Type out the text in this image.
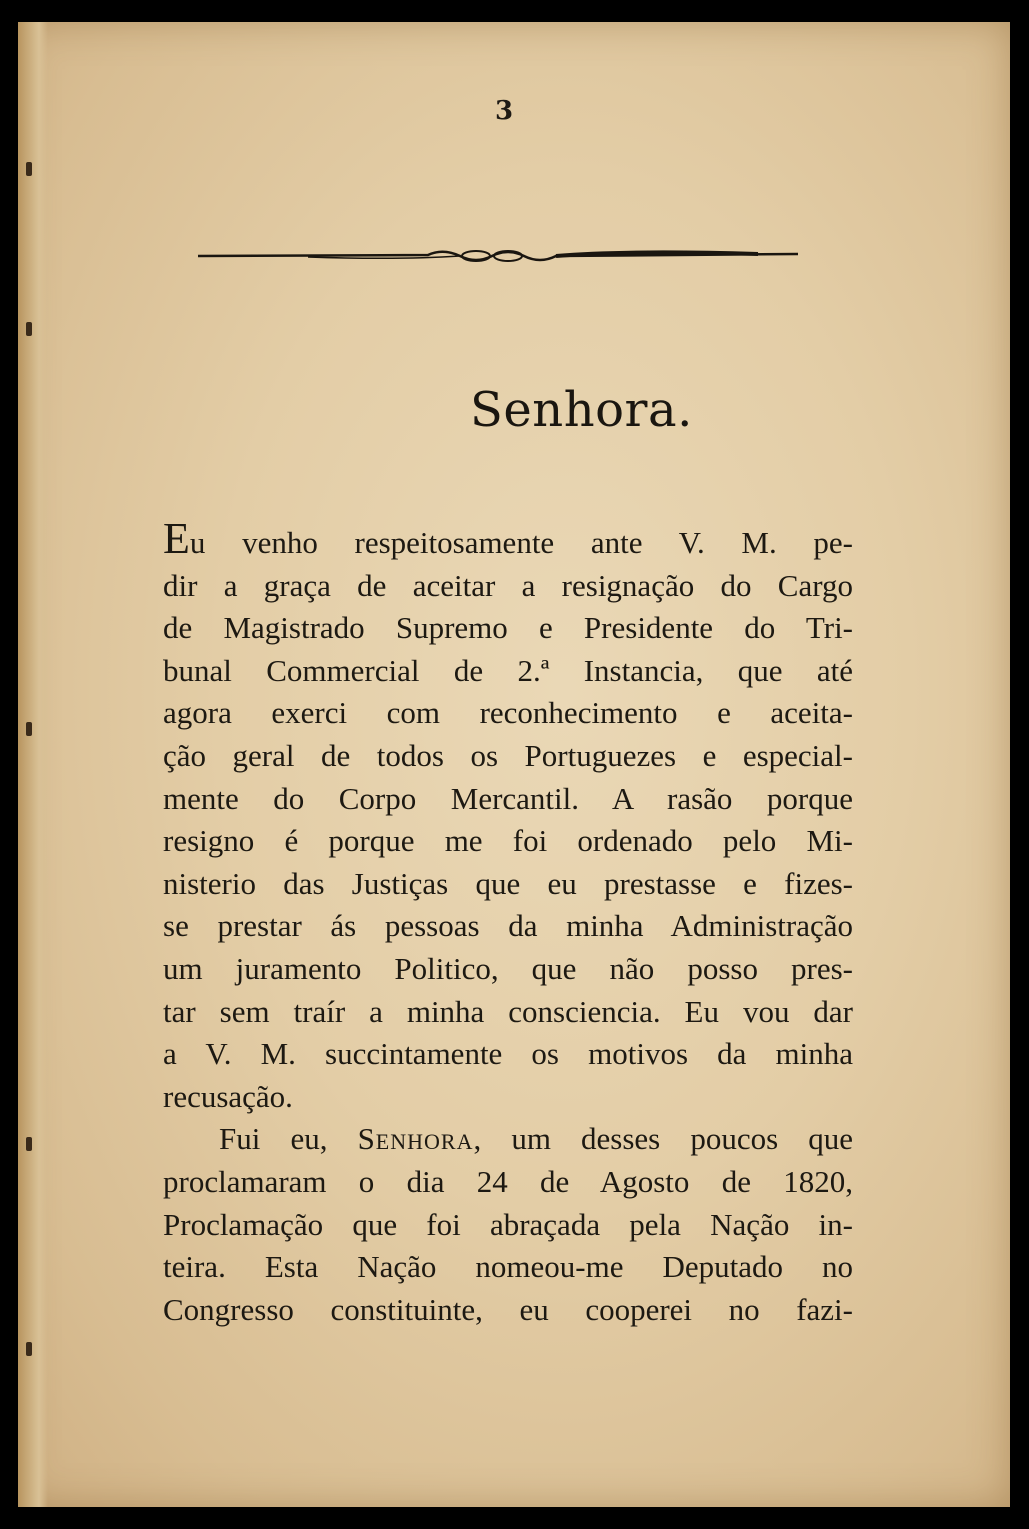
3
Senhora.
Eu venho respeitosamente ante V. M. pe-
dir a graça de aceitar a resignação do Cargo
de Magistrado Supremo e Presidente do Tri-
bunal Commercial de 2.ª Instancia, que até
agora exerci com reconhecimento e aceita-
ção geral de todos os Portuguezes e especial-
mente do Corpo Mercantil. A rasão porque
resigno é porque me foi ordenado pelo Mi-
nisterio das Justiças que eu prestasse e fizes-
se prestar ás pessoas da minha Administração
um juramento Politico, que não posso pres-
tar sem traír a minha consciencia. Eu vou dar
a V. M. succintamente os motivos da minha
recusação.
Fui eu, Senhora, um desses poucos que
proclamaram o dia 24 de Agosto de 1820,
Proclamação que foi abraçada pela Nação in-
teira. Esta Nação nomeou-me Deputado no
Congresso constituinte, eu cooperei no fazi-
